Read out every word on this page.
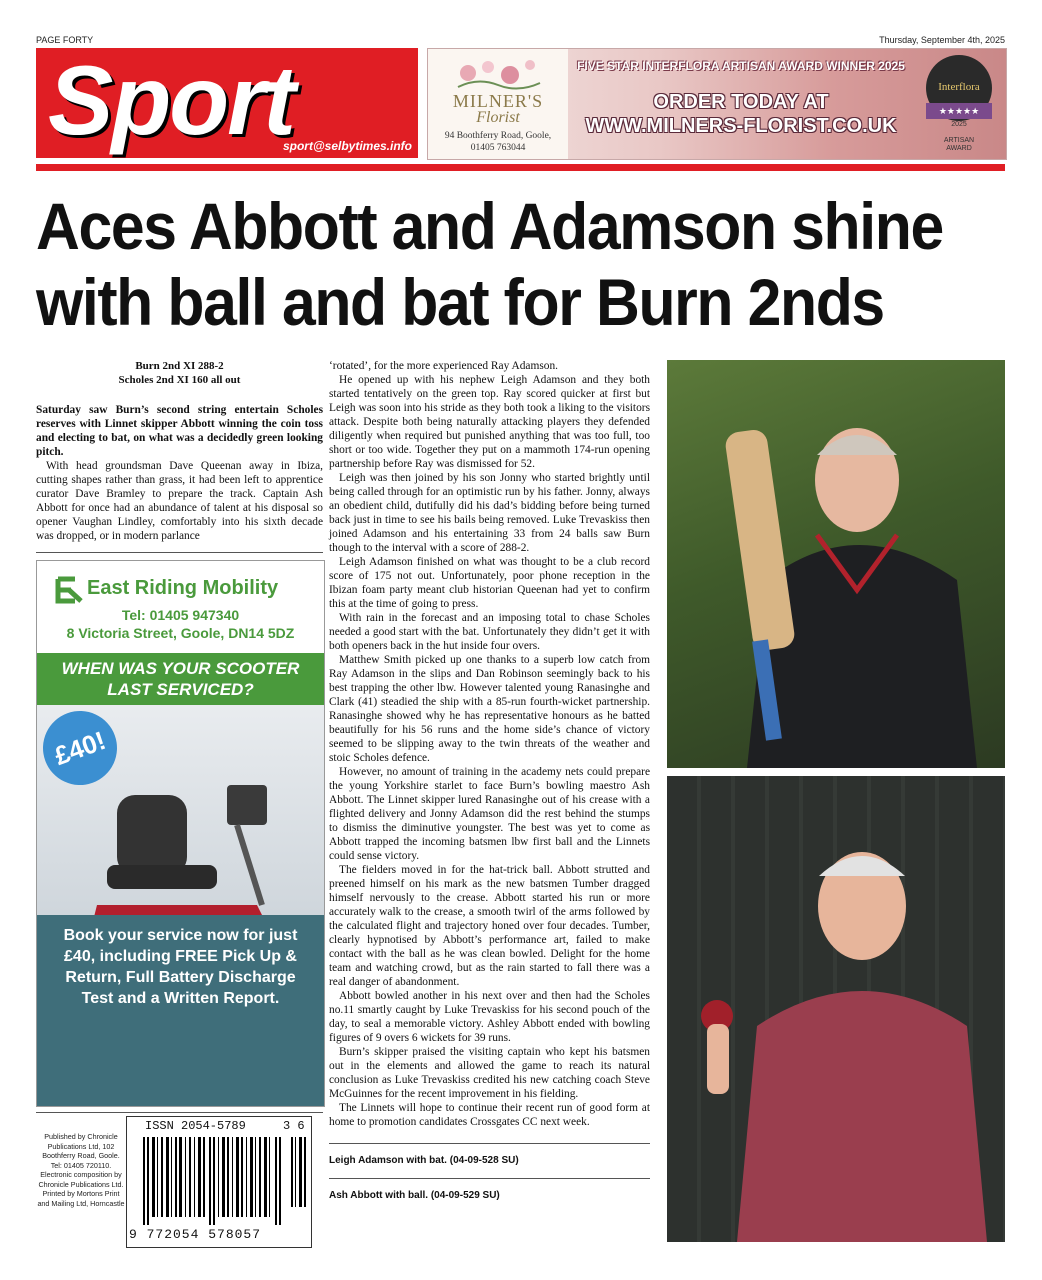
PAGE FORTY	Thursday, September 4th, 2025
Sport
sport@selbytimes.info
MILNER'S
Florist
94 Boothferry Road, Goole,
01405 763044
FIVE STAR INTERFLORA ARTISAN AWARD WINNER 2025
ORDER TODAY AT
WWW.MILNERS-FLORIST.CO.UK
Interflora
★★★★★
2025
ARTISAN
AWARD
Aces Abbott and Adamson shine with ball and bat for Burn 2nds
Burn 2nd XI 288-2
Scholes 2nd XI 160 all out

Saturday saw Burn’s second string entertain Scholes reserves with Linnet skipper Abbott winning the coin toss and electing to bat, on what was a decidedly green looking pitch.

With head groundsman Dave Queenan away in Ibiza, cutting shapes rather than grass, it had been left to apprentice curator Dave Bramley to prepare the track. Captain Ash Abbott for once had an abundance of talent at his disposal so opener Vaughan Lindley, comfortably into his sixth decade was dropped, or in modern parlance

East Riding Mobility
Tel: 01405 947340
8 Victoria Street, Goole, DN14 5DZ
WHEN WAS YOUR SCOOTER
LAST SERVICED?
£40!
Book your service now for just
£40, including FREE Pick Up &
Return, Full Battery Discharge
Test and a Written Report.
Published by Chronicle Publications Ltd, 102 Boothferry Road, Goole. Tel: 01405 720110. Electronic composition by Chronicle Publications Ltd. Printed by Mortons Print and Mailing Ltd, Horncastle
ISSN 2054-5789	3 6
9 772054 578057

‘rotated’, for the more experienced Ray Adamson.

He opened up with his nephew Leigh Adamson and they both started tentatively on the green top. Ray scored quicker at first but Leigh was soon into his stride as they both took a liking to the visitors attack. Despite both being naturally attacking players they defended diligently when required but punished anything that was too full, too short or too wide. Together they put on a mammoth 174-run opening partnership before Ray was dismissed for 52.

Leigh was then joined by his son Jonny who started brightly until being called through for an optimistic run by his father. Jonny, always an obedient child, dutifully did his dad’s bidding before being turned back just in time to see his bails being removed. Luke Trevaskiss then joined Adamson and his entertaining 33 from 24 balls saw Burn though to the interval with a score of 288-2.

Leigh Adamson finished on what was thought to be a club record score of 175 not out. Unfortunately, poor phone reception in the Ibizan foam party meant club historian Queenan had yet to confirm this at the time of going to press.

With rain in the forecast and an imposing total to chase Scholes needed a good start with the bat. Unfortunately they didn’t get it with both openers back in the hut inside four overs.

Matthew Smith picked up one thanks to a superb low catch from Ray Adamson in the slips and Dan Robinson seemingly back to his best trapping the other lbw. However talented young Ranasinghe and Clark (41) steadied the ship with a 85-run fourth-wicket partnership. Ranasinghe showed why he has representative honours as he batted beautifully for his 56 runs and the home side’s chance of victory seemed to be slipping away to the twin threats of the weather and stoic Scholes defence.

However, no amount of training in the academy nets could prepare the young Yorkshire starlet to face Burn’s bowling maestro Ash Abbott. The Linnet skipper lured Ranasinghe out of his crease with a flighted delivery and Jonny Adamson did the rest behind the stumps to dismiss the diminutive youngster. The best was yet to come as Abbott trapped the incoming batsmen lbw first ball and the Linnets could sense victory.

The fielders moved in for the hat-trick ball. Abbott strutted and preened himself on his mark as the new batsmen Tumber dragged himself nervously to the crease. Abbott started his run or more accurately walk to the crease, a smooth twirl of the arms followed by the calculated flight and trajectory honed over four decades. Tumber, clearly hypnotised by Abbott’s performance art, failed to make contact with the ball as he was clean bowled. Delight for the home team and watching crowd, but as the rain started to fall there was a real danger of abandonment.

Abbott bowled another in his next over and then had the Scholes no.11 smartly caught by Luke Trevaskiss for his second pouch of the day, to seal a memorable victory. Ashley Abbott ended with bowling figures of 9 overs 6 wickets for 39 runs.

Burn’s skipper praised the visiting captain who kept his batsmen out in the elements and allowed the game to reach its natural conclusion as Luke Trevaskiss credited his new catching coach Steve McGuinnes for the recent improvement in his fielding.

The Linnets will hope to continue their recent run of good form at home to promotion candidates Crossgates CC next week.

Leigh Adamson with bat. (04-09-528 SU)
Ash Abbott with ball. (04-09-529 SU)
